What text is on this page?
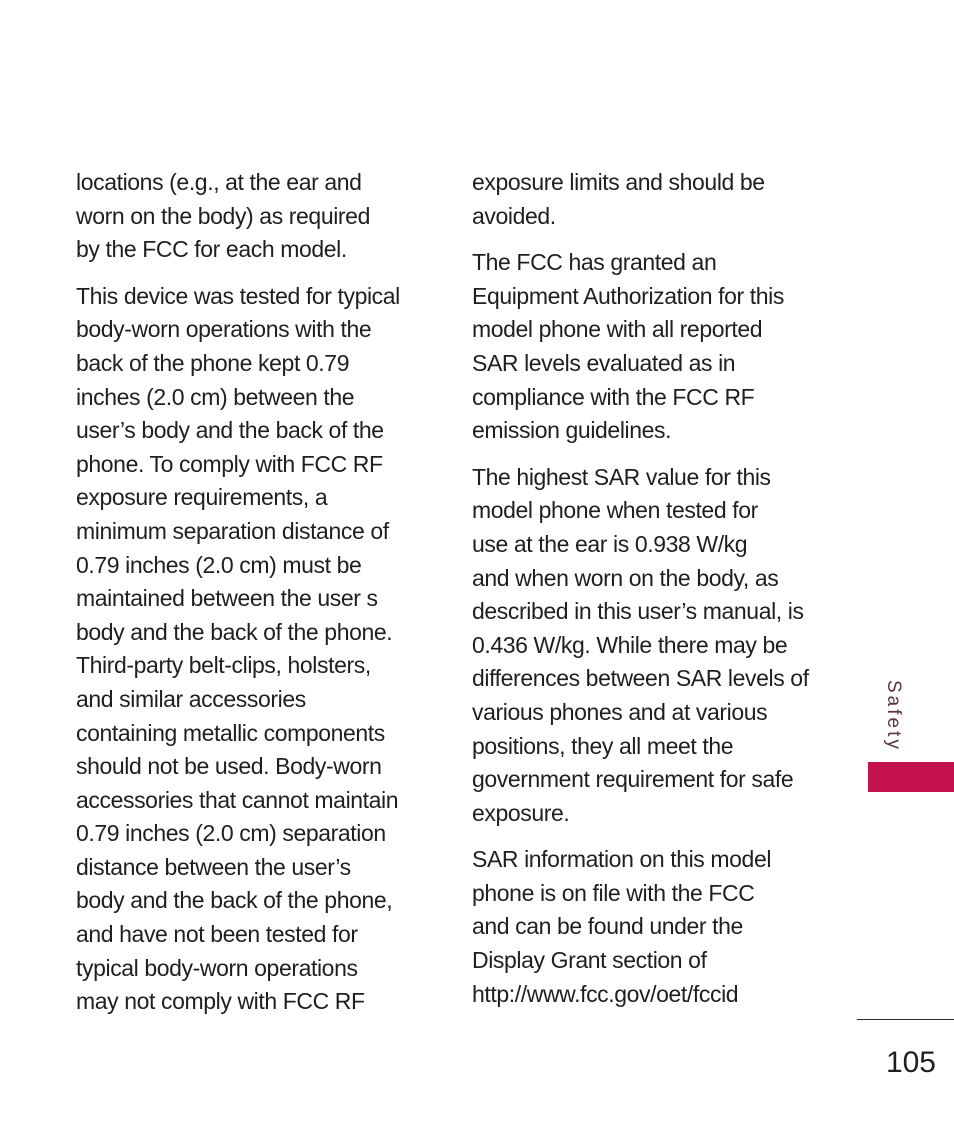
locations (e.g., at the ear and
worn on the body) as required
by the FCC for each model.

This device was tested for typical
body-worn operations with the
back of the phone kept 0.79
inches (2.0 cm) between the
user’s body and the back of the
phone. To comply with FCC RF
exposure requirements, a
minimum separation distance of
0.79 inches (2.0 cm) must be
maintained between the user s
body and the back of the phone.
Third-party belt-clips, holsters,
and similar accessories
containing metallic components
should not be used. Body-worn
accessories that cannot maintain
0.79 inches (2.0 cm) separation
distance between the user’s
body and the back of the phone,
and have not been tested for
typical body-worn operations
may not comply with FCC RF

exposure limits and should be
avoided.

The FCC has granted an
Equipment Authorization for this
model phone with all reported
SAR levels evaluated as in
compliance with the FCC RF
emission guidelines.

The highest SAR value for this
model phone when tested for
use at the ear is 0.938 W/kg
and when worn on the body, as
described in this user’s manual, is
0.436 W/kg. While there may be
differences between SAR levels of
various phones and at various
positions, they all meet the
government requirement for safe
exposure.

SAR information on this model
phone is on file with the FCC
and can be found under the
Display Grant section of
http://www.fcc.gov/oet/fccid

Safety
105
